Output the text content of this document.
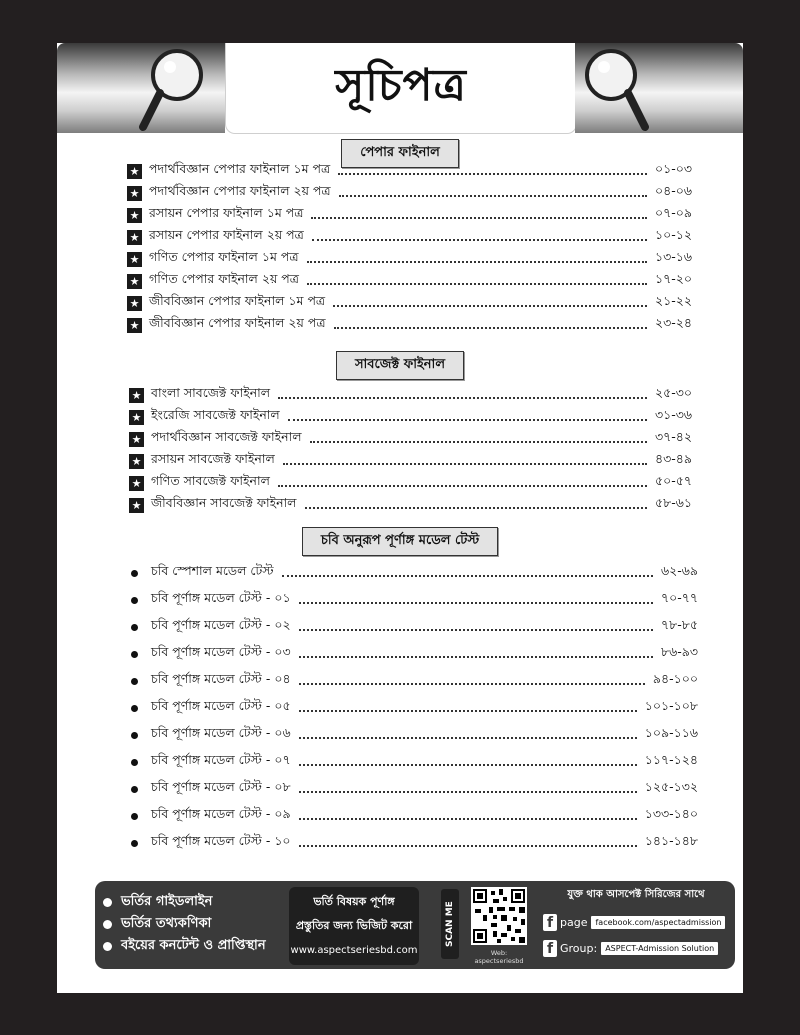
সূচিপত্র
পেপার ফাইনাল
★ পদার্থবিজ্ঞান পেপার ফাইনাল ১ম পত্র	০১-০৩
★ পদার্থবিজ্ঞান পেপার ফাইনাল ২য় পত্র	০৪-০৬
★ রসায়ন পেপার ফাইনাল ১ম পত্র	০৭-০৯
★ রসায়ন পেপার ফাইনাল ২য় পত্র	১০-১২
★ গণিত পেপার ফাইনাল ১ম পত্র	১৩-১৬
★ গণিত পেপার ফাইনাল ২য় পত্র	১৭-২০
★ জীববিজ্ঞান পেপার ফাইনাল ১ম পত্র	২১-২২
★ জীববিজ্ঞান পেপার ফাইনাল ২য় পত্র	২৩-২৪
সাবজেক্ট ফাইনাল
★ বাংলা সাবজেক্ট ফাইনাল	২৫-৩০
★ ইংরেজি সাবজেক্ট ফাইনাল	৩১-৩৬
★ পদার্থবিজ্ঞান সাবজেক্ট ফাইনাল	৩৭-৪২
★ রসায়ন সাবজেক্ট ফাইনাল	৪৩-৪৯
★ গণিত সাবজেক্ট ফাইনাল	৫০-৫৭
★ জীববিজ্ঞান সাবজেক্ট ফাইনাল	৫৮-৬১
চবি অনুরূপ পূর্ণাঙ্গ মডেল টেস্ট
চবি স্পেশাল মডেল টেস্ট	৬২-৬৯
চবি পূর্ণাঙ্গ মডেল টেস্ট - ০১	৭০-৭৭
চবি পূর্ণাঙ্গ মডেল টেস্ট - ০২	৭৮-৮৫
চবি পূর্ণাঙ্গ মডেল টেস্ট - ০৩	৮৬-৯৩
চবি পূর্ণাঙ্গ মডেল টেস্ট - ০৪	৯৪-১০০
চবি পূর্ণাঙ্গ মডেল টেস্ট - ০৫	১০১-১০৮
চবি পূর্ণাঙ্গ মডেল টেস্ট - ০৬	১০৯-১১৬
চবি পূর্ণাঙ্গ মডেল টেস্ট - ০৭	১১৭-১২৪
চবি পূর্ণাঙ্গ মডেল টেস্ট - ০৮	১২৫-১৩২
চবি পূর্ণাঙ্গ মডেল টেস্ট - ০৯	১৩৩-১৪০
চবি পূর্ণাঙ্গ মডেল টেস্ট - ১০	১৪১-১৪৮
ভর্তির গাইডলাইন
ভর্তির তথ্যকণিকা
বইয়ের কনটেন্ট ও প্রাপ্তিস্থান
ভর্তি বিষয়ক পূর্ণাঙ্গ
প্রস্তুতির জন্য ভিজিট করো
www.aspectseriesbd.com
SCAN ME
Web: aspectseriesbd
যুক্ত থাক আসপেক্ট সিরিজের সাথে
f page	facebook.com/aspectadmission
f Group:	ASPECT-Admission Solution
